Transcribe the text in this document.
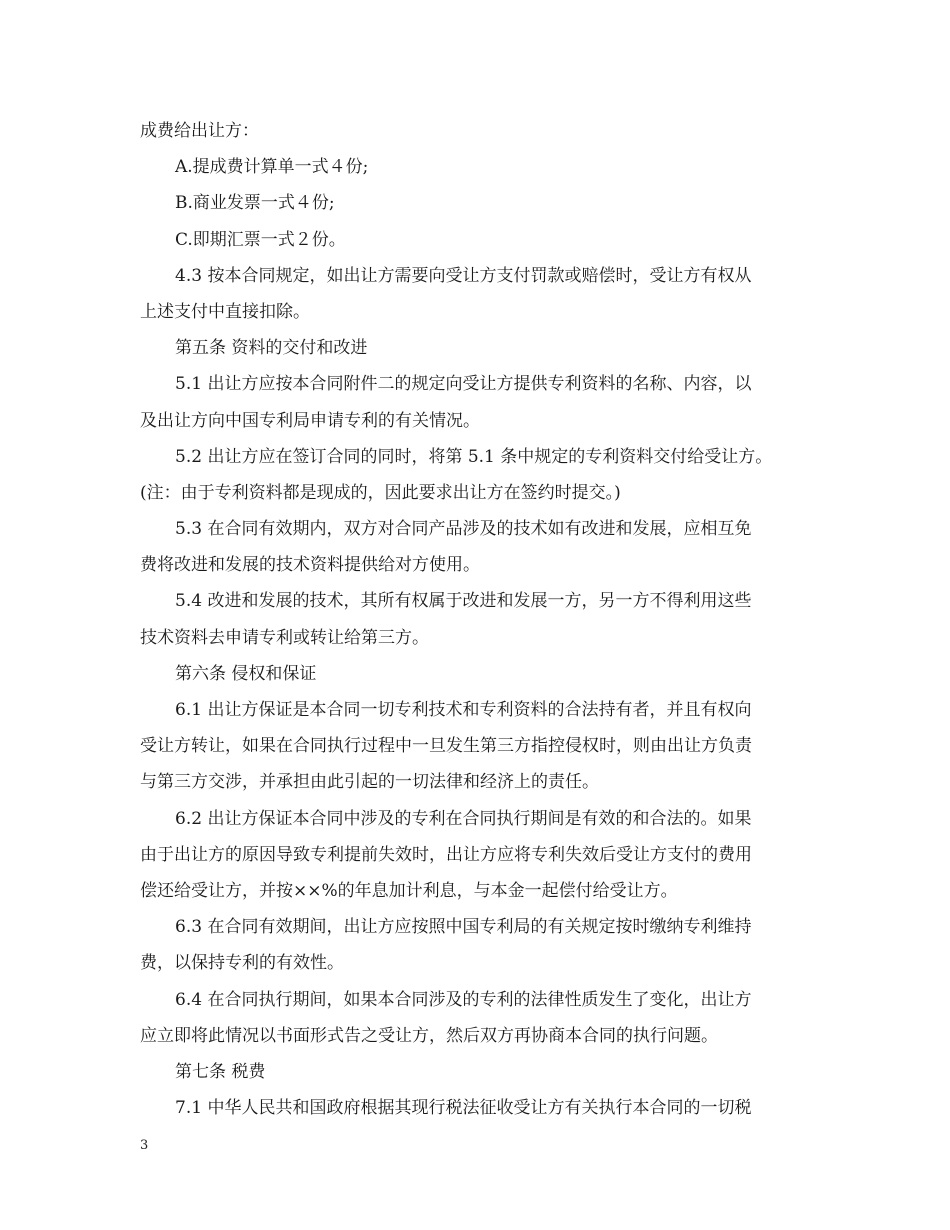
成费给出让方：
A.提成费计算单一式４份;
B.商业发票一式４份;
C.即期汇票一式２份。
4.3 按本合同规定，如出让方需要向受让方支付罚款或赔偿时，受让方有权从
上述支付中直接扣除。
第五条 资料的交付和改进
5.1 出让方应按本合同附件二的规定向受让方提供专利资料的名称、内容，以
及出让方向中国专利局申请专利的有关情况。
5.2 出让方应在签订合同的同时，将第 5.1 条中规定的专利资料交付给受让方。
(注：由于专利资料都是现成的，因此要求出让方在签约时提交。)
5.3 在合同有效期内，双方对合同产品涉及的技术如有改进和发展，应相互免
费将改进和发展的技术资料提供给对方使用。
5.4 改进和发展的技术，其所有权属于改进和发展一方，另一方不得利用这些
技术资料去申请专利或转让给第三方。
第六条 侵权和保证
6.1 出让方保证是本合同一切专利技术和专利资料的合法持有者，并且有权向
受让方转让，如果在合同执行过程中一旦发生第三方指控侵权时，则由出让方负责
与第三方交涉，并承担由此引起的一切法律和经济上的责任。
6.2 出让方保证本合同中涉及的专利在合同执行期间是有效的和合法的。如果
由于出让方的原因导致专利提前失效时，出让方应将专利失效后受让方支付的费用
偿还给受让方，并按××%的年息加计利息，与本金一起偿付给受让方。
6.3 在合同有效期间，出让方应按照中国专利局的有关规定按时缴纳专利维持
费，以保持专利的有效性。
6.4 在合同执行期间，如果本合同涉及的专利的法律性质发生了变化，出让方
应立即将此情况以书面形式告之受让方，然后双方再协商本合同的执行问题。
第七条 税费
7.1 中华人民共和国政府根据其现行税法征收受让方有关执行本合同的一切税
3
